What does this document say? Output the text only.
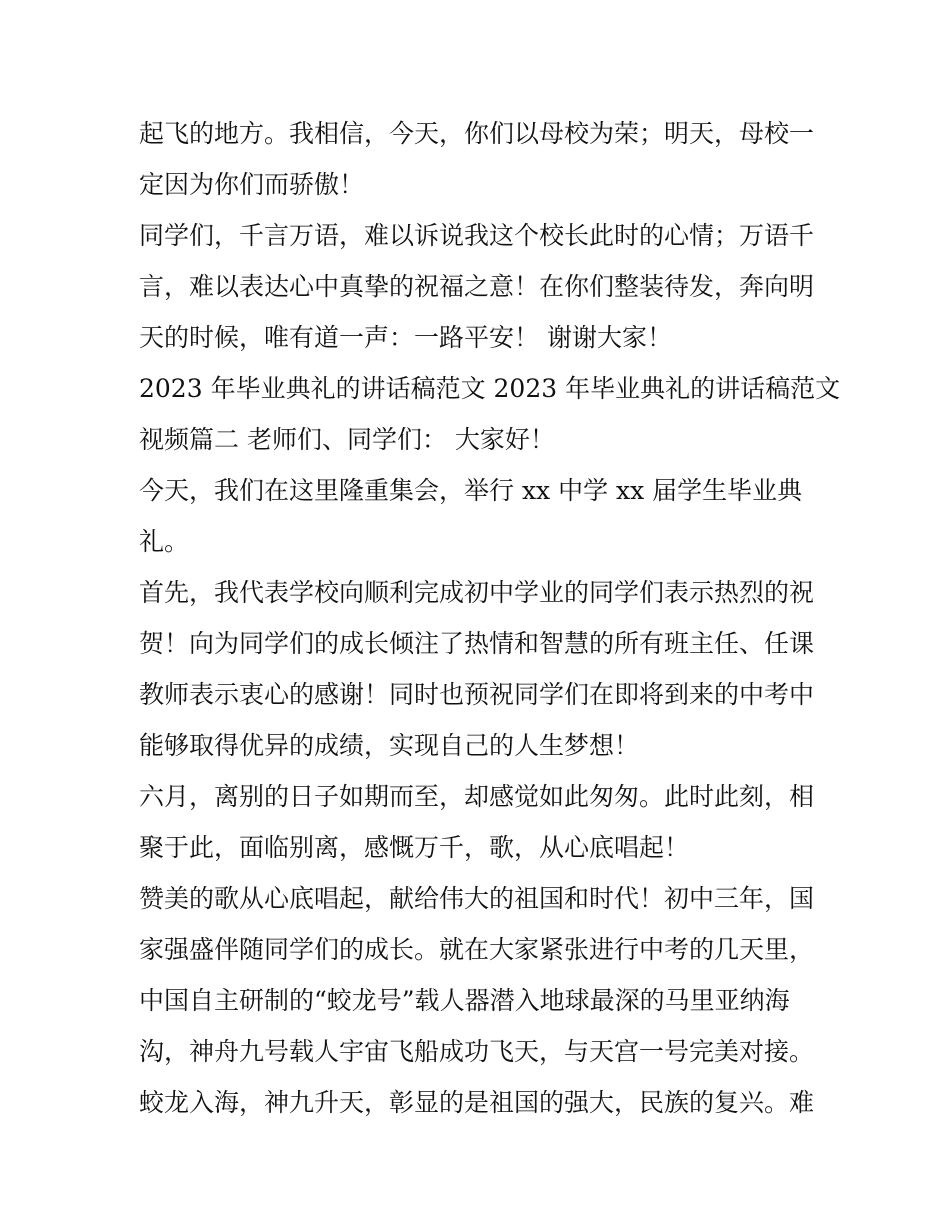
起飞的地方。我相信，今天，你们以母校为荣；明天，母校一
定因为你们而骄傲！
同学们，千言万语，难以诉说我这个校长此时的心情；万语千
言，难以表达心中真挚的祝福之意！在你们整装待发，奔向明
天的时候，唯有道一声：一路平安！ 谢谢大家！
2023 年毕业典礼的讲话稿范文 2023 年毕业典礼的讲话稿范文
视频篇二 老师们、同学们： 大家好！
今天，我们在这里隆重集会，举行 xx 中学 xx 届学生毕业典
礼。
首先，我代表学校向顺利完成初中学业的同学们表示热烈的祝
贺！向为同学们的成长倾注了热情和智慧的所有班主任、任课
教师表示衷心的感谢！同时也预祝同学们在即将到来的中考中
能够取得优异的成绩，实现自己的人生梦想！
六月，离别的日子如期而至，却感觉如此匆匆。此时此刻，相
聚于此，面临别离，感慨万千，歌，从心底唱起！
赞美的歌从心底唱起，献给伟大的祖国和时代！初中三年，国
家强盛伴随同学们的成长。就在大家紧张进行中考的几天里，
中国自主研制的“蛟龙号”载人器潜入地球最深的马里亚纳海
沟，神舟九号载人宇宙飞船成功飞天，与天宫一号完美对接。
蛟龙入海，神九升天，彰显的是祖国的强大，民族的复兴。难
